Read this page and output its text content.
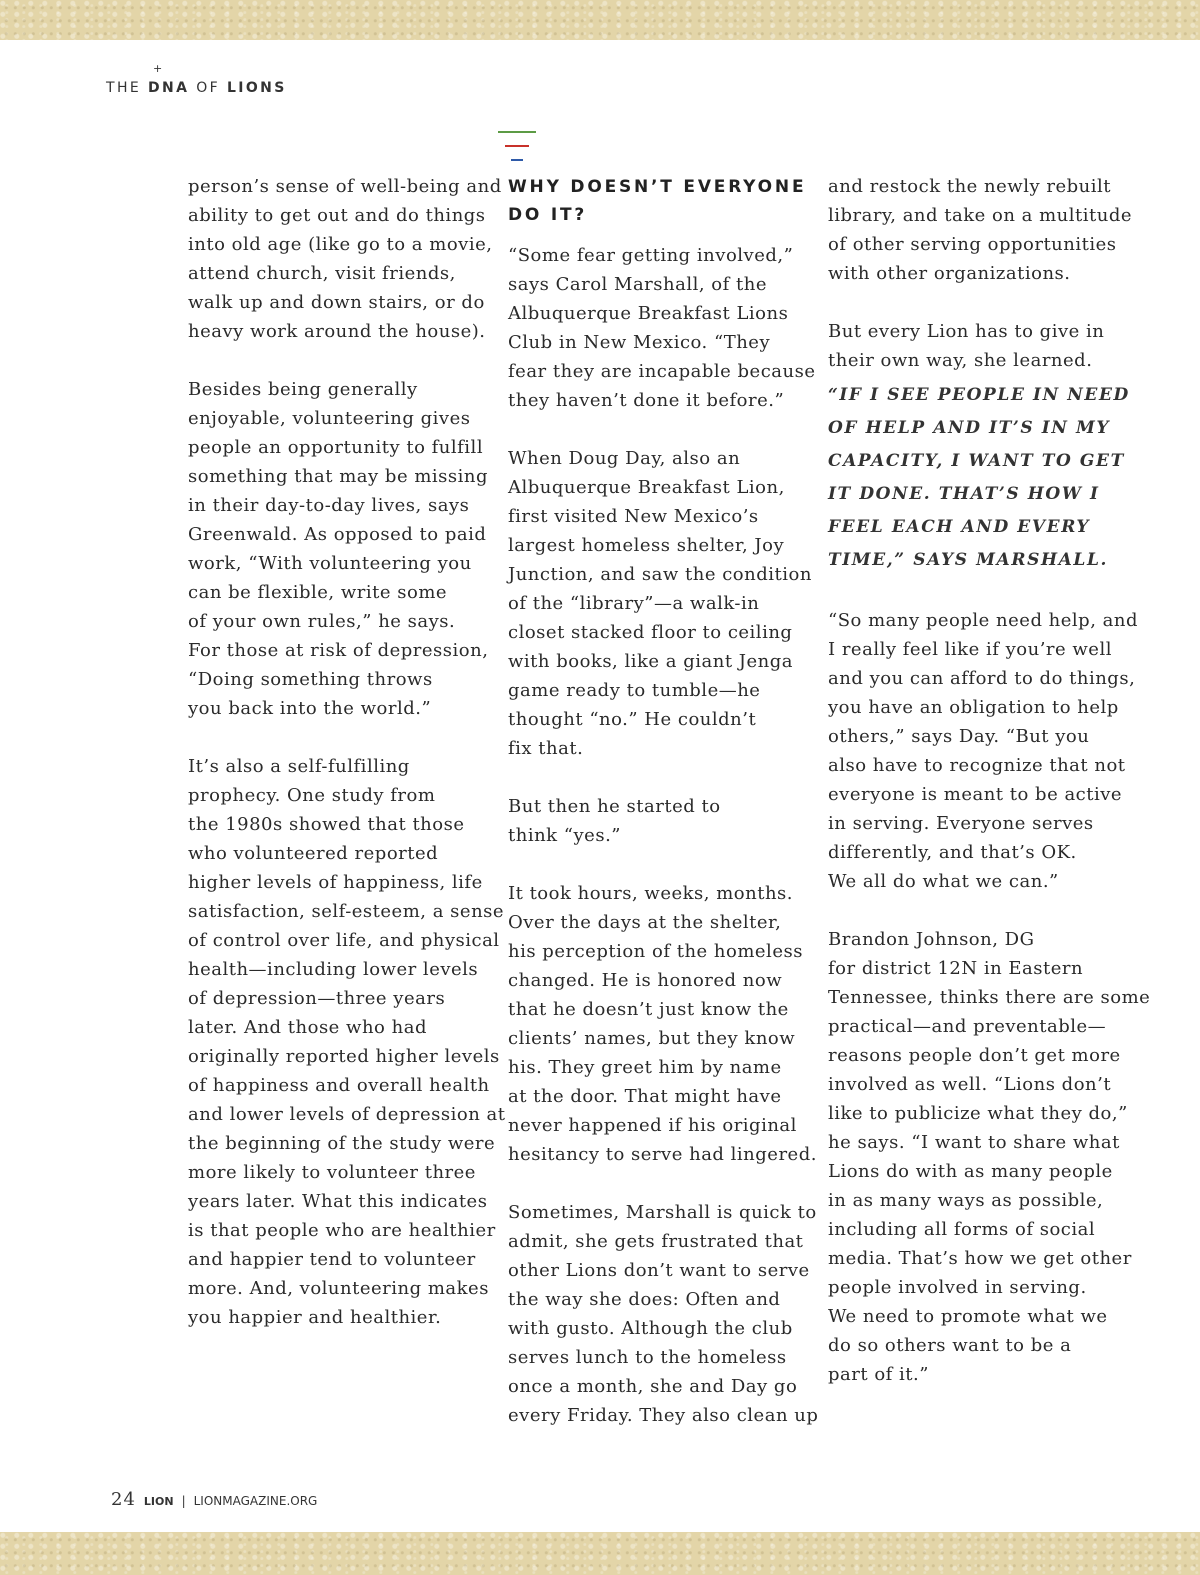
+
THE DNA OF LIONS
person’s sense of well-being and
ability to get out and do things
into old age (like go to a movie,
attend church, visit friends,
walk up and down stairs, or do
heavy work around the house).
Besides being generally
enjoyable, volunteering gives
people an opportunity to fulfill
something that may be missing
in their day-to-day lives, says
Greenwald. As opposed to paid
work, “With volunteering you
can be flexible, write some
of your own rules,” he says.
For those at risk of depression,
“Doing something throws
you back into the world.”
It’s also a self-fulfilling
prophecy. One study from
the 1980s showed that those
who volunteered reported
higher levels of happiness, life
satisfaction, self-esteem, a sense
of control over life, and physical
health—including lower levels
of depression—three years
later. And those who had
originally reported higher levels
of happiness and overall health
and lower levels of depression at
the beginning of the study were
more likely to volunteer three
years later. What this indicates
is that people who are healthier
and happier tend to volunteer
more. And, volunteering makes
you happier and healthier.
WHY DOESN’T EVERYONE
DO IT?
“Some fear getting involved,”
says Carol Marshall, of the
Albuquerque Breakfast Lions
Club in New Mexico. “They
fear they are incapable because
they haven’t done it before.”
When Doug Day, also an
Albuquerque Breakfast Lion,
first visited New Mexico’s
largest homeless shelter, Joy
Junction, and saw the condition
of the “library”—a walk-in
closet stacked floor to ceiling
with books, like a giant Jenga
game ready to tumble—he
thought “no.” He couldn’t
fix that.
But then he started to
think “yes.”
It took hours, weeks, months.
Over the days at the shelter,
his perception of the homeless
changed. He is honored now
that he doesn’t just know the
clients’ names, but they know
his. They greet him by name
at the door. That might have
never happened if his original
hesitancy to serve had lingered.
Sometimes, Marshall is quick to
admit, she gets frustrated that
other Lions don’t want to serve
the way she does: Often and
with gusto. Although the club
serves lunch to the homeless
once a month, she and Day go
every Friday. They also clean up
and restock the newly rebuilt
library, and take on a multitude
of other serving opportunities
with other organizations.
But every Lion has to give in
their own way, she learned.
“IF I SEE PEOPLE IN NEED
OF HELP AND IT’S IN MY
CAPACITY, I WANT TO GET
IT DONE. THAT’S HOW I
FEEL EACH AND EVERY
TIME,” SAYS MARSHALL.
“So many people need help, and
I really feel like if you’re well
and you can afford to do things,
you have an obligation to help
others,” says Day. “But you
also have to recognize that not
everyone is meant to be active
in serving. Everyone serves
differently, and that’s OK.
We all do what we can.”
Brandon Johnson, DG
for district 12N in Eastern
Tennessee, thinks there are some
practical—and preventable—
reasons people don’t get more
involved as well. “Lions don’t
like to publicize what they do,”
he says. “I want to share what
Lions do with as many people
in as many ways as possible,
including all forms of social
media. That’s how we get other
people involved in serving.
We need to promote what we
do so others want to be a
part of it.”
24 LION | LIONMAGAZINE.ORG
